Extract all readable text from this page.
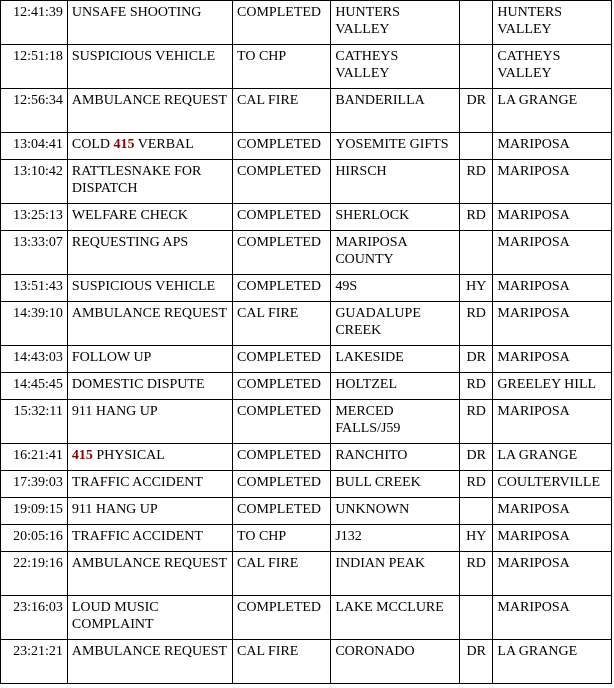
12:41:39	UNSAFE SHOOTING	COMPLETED	HUNTERS VALLEY		HUNTERS VALLEY
12:51:18	SUSPICIOUS VEHICLE	TO CHP	CATHEYS VALLEY		CATHEYS VALLEY
12:56:34	AMBULANCE REQUEST	CAL FIRE	BANDERILLA	DR	LA GRANGE
13:04:41	COLD 415 VERBAL	COMPLETED	YOSEMITE GIFTS		MARIPOSA
13:10:42	RATTLESNAKE FOR DISPATCH	COMPLETED	HIRSCH	RD	MARIPOSA
13:25:13	WELFARE CHECK	COMPLETED	SHERLOCK	RD	MARIPOSA
13:33:07	REQUESTING APS	COMPLETED	MARIPOSA COUNTY		MARIPOSA
13:51:43	SUSPICIOUS VEHICLE	COMPLETED	49S	HY	MARIPOSA
14:39:10	AMBULANCE REQUEST	CAL FIRE	GUADALUPE CREEK	RD	MARIPOSA
14:43:03	FOLLOW UP	COMPLETED	LAKESIDE	DR	MARIPOSA
14:45:45	DOMESTIC DISPUTE	COMPLETED	HOLTZEL	RD	GREELEY HILL
15:32:11	911 HANG UP	COMPLETED	MERCED FALLS/J59	RD	MARIPOSA
16:21:41	415 PHYSICAL	COMPLETED	RANCHITO	DR	LA GRANGE
17:39:03	TRAFFIC ACCIDENT	COMPLETED	BULL CREEK	RD	COULTERVILLE
19:09:15	911 HANG UP	COMPLETED	UNKNOWN		MARIPOSA
20:05:16	TRAFFIC ACCIDENT	TO CHP	J132	HY	MARIPOSA
22:19:16	AMBULANCE REQUEST	CAL FIRE	INDIAN PEAK	RD	MARIPOSA
23:16:03	LOUD MUSIC COMPLAINT	COMPLETED	LAKE MCCLURE		MARIPOSA
23:21:21	AMBULANCE REQUEST	CAL FIRE	CORONADO	DR	LA GRANGE
